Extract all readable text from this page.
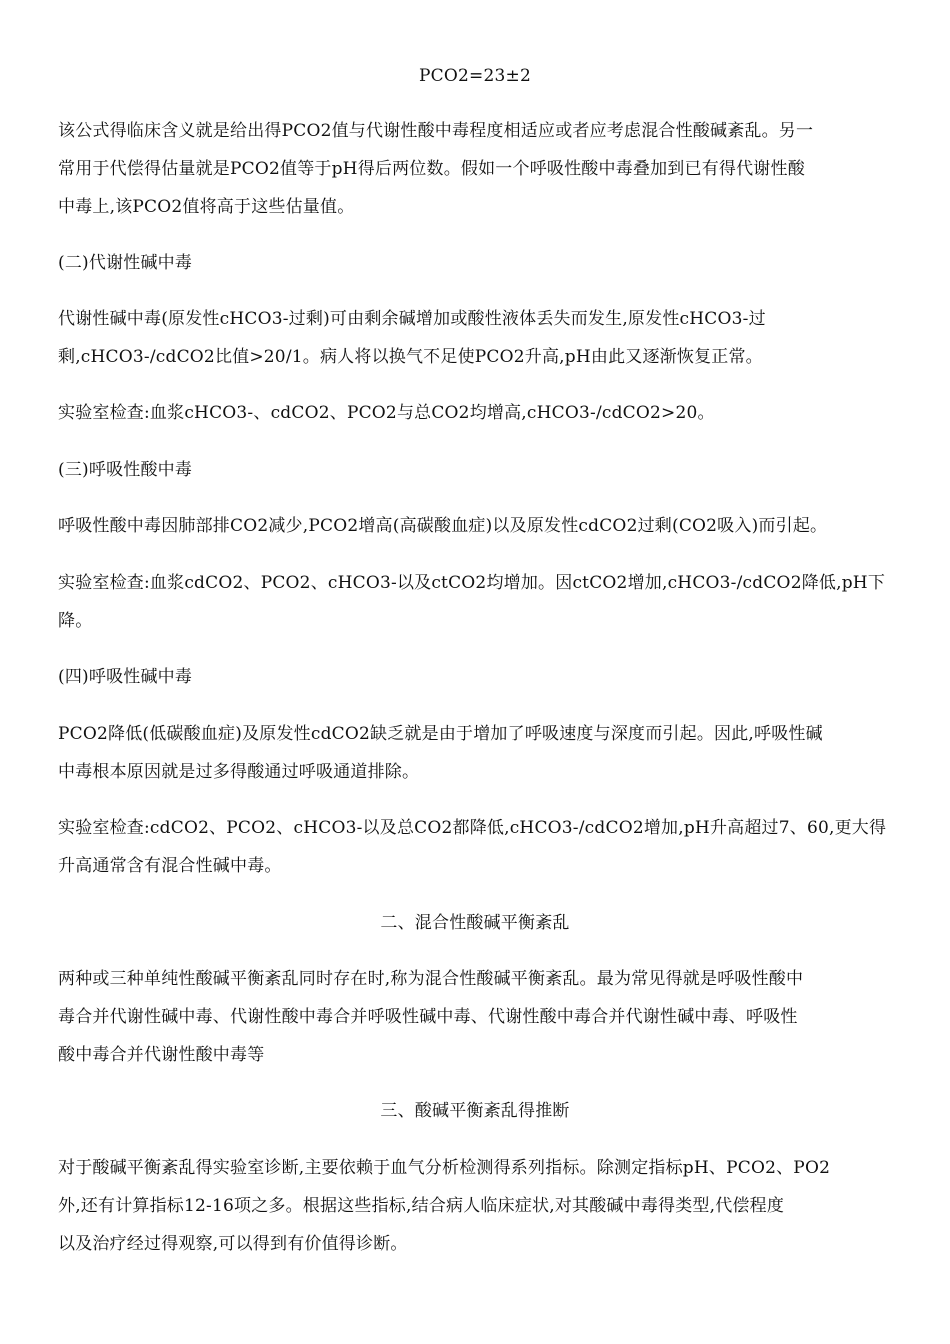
PCO2=23±2
该公式得临床含义就是给出得PCO2值与代谢性酸中毒程度相适应或者应考虑混合性酸碱紊乱。另一
常用于代偿得估量就是PCO2值等于pH得后两位数。假如一个呼吸性酸中毒叠加到已有得代谢性酸
中毒上,该PCO2值将高于这些估量值。
(二)代谢性碱中毒
代谢性碱中毒(原发性cHCO3-过剩)可由剩余碱增加或酸性液体丢失而发生,原发性cHCO3-过
剩,cHCO3-/cdCO2比值>20/1。病人将以换气不足使PCO2升高,pH由此又逐渐恢复正常。
实验室检查:血浆cHCO3-、cdCO2、PCO2与总CO2均增高,cHCO3-/cdCO2>20。
(三)呼吸性酸中毒
呼吸性酸中毒因肺部排CO2减少,PCO2增高(高碳酸血症)以及原发性cdCO2过剩(CO2吸入)而引起。
实验室检查:血浆cdCO2、PCO2、cHCO3-以及ctCO2均增加。因ctCO2增加,cHCO3-/cdCO2降低,pH下
降。
(四)呼吸性碱中毒
PCO2降低(低碳酸血症)及原发性cdCO2缺乏就是由于增加了呼吸速度与深度而引起。因此,呼吸性碱
中毒根本原因就是过多得酸通过呼吸通道排除。
实验室检查:cdCO2、PCO2、cHCO3-以及总CO2都降低,cHCO3-/cdCO2增加,pH升高超过7、60,更大得
升高通常含有混合性碱中毒。
二、混合性酸碱平衡紊乱
两种或三种单纯性酸碱平衡紊乱同时存在时,称为混合性酸碱平衡紊乱。最为常见得就是呼吸性酸中
毒合并代谢性碱中毒、代谢性酸中毒合并呼吸性碱中毒、代谢性酸中毒合并代谢性碱中毒、呼吸性
酸中毒合并代谢性酸中毒等
三、酸碱平衡紊乱得推断
对于酸碱平衡紊乱得实验室诊断,主要依赖于血气分析检测得系列指标。除测定指标pH、PCO2、PO2
外,还有计算指标12-16项之多。根据这些指标,结合病人临床症状,对其酸碱中毒得类型,代偿程度
以及治疗经过得观察,可以得到有价值得诊断。
